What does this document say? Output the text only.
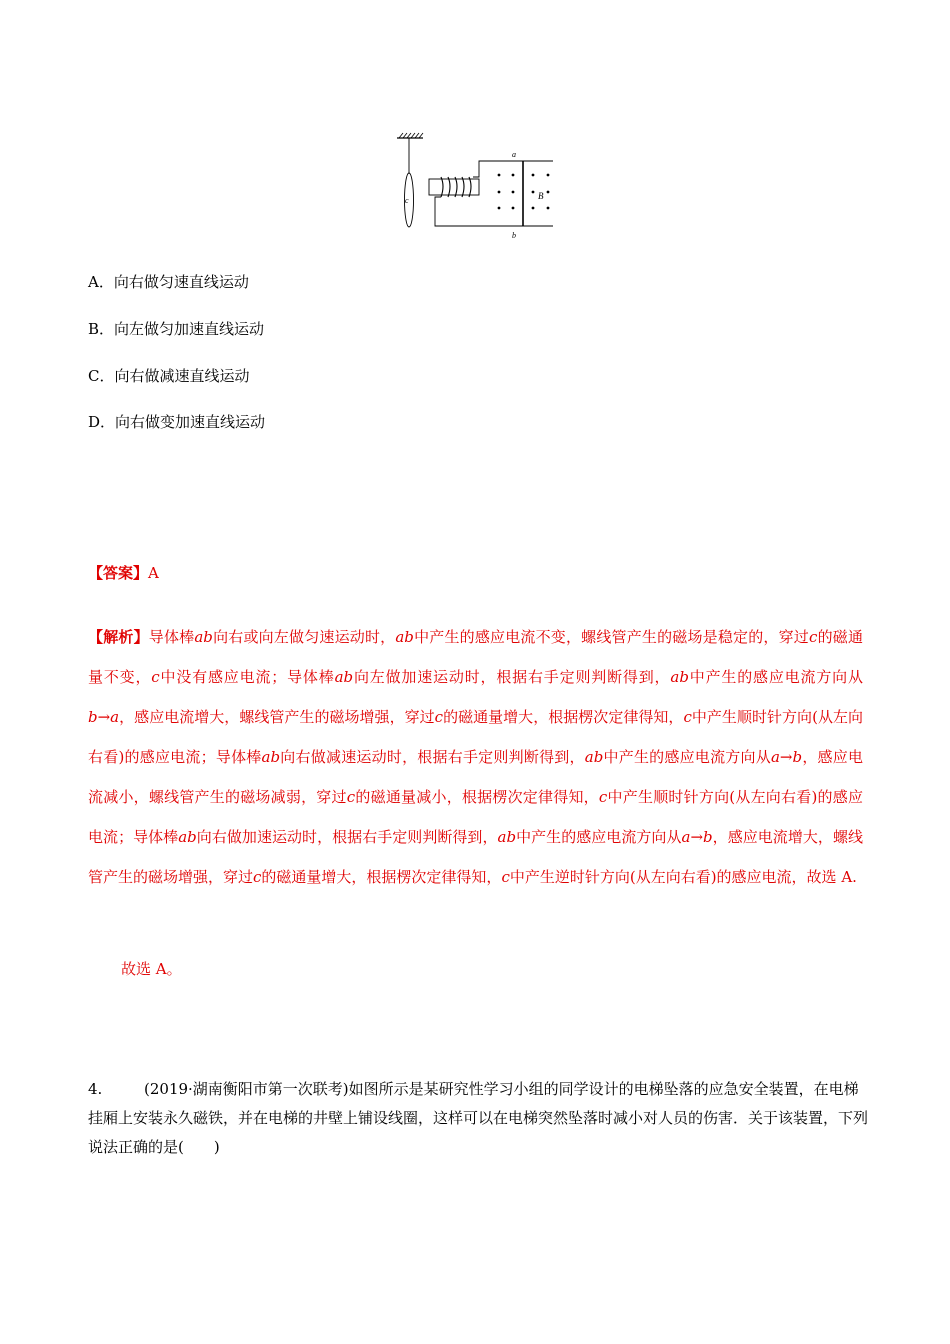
c
a
b
B
A．向右做匀速直线运动
B．向左做匀加速直线运动
C．向右做减速直线运动
D．向右做变加速直线运动
【答案】A
【解析】导体棒ab向右或向左做匀速运动时，ab中产生的感应电流不变，螺线管产生的磁场是稳定的，穿过c的磁通量不变，c中没有感应电流；导体棒ab向左做加速运动时，根据右手定则判断得到，ab中产生的感应电流方向从b→a，感应电流增大，螺线管产生的磁场增强，穿过c的磁通量增大，根据楞次定律得知，c中产生顺时针方向(从左向右看)的感应电流；导体棒ab向右做减速运动时，根据右手定则判断得到，ab中产生的感应电流方向从a→b，感应电流减小，螺线管产生的磁场减弱，穿过c的磁通量减小，根据楞次定律得知，c中产生顺时针方向(从左向右看)的感应电流；导体棒ab向右做加速运动时，根据右手定则判断得到，ab中产生的感应电流方向从a→b，感应电流增大，螺线管产生的磁场增强，穿过c的磁通量增大，根据楞次定律得知，c中产生逆时针方向(从左向右看)的感应电流，故选 A.
故选 A。
4.	(2019·湖南衡阳市第一次联考)如图所示是某研究性学习小组的同学设计的电梯坠落的应急安全装置，在电梯挂厢上安装永久磁铁，并在电梯的井壁上铺设线圈，这样可以在电梯突然坠落时减小对人员的伤害．关于该装置，下列说法正确的是(　　)
